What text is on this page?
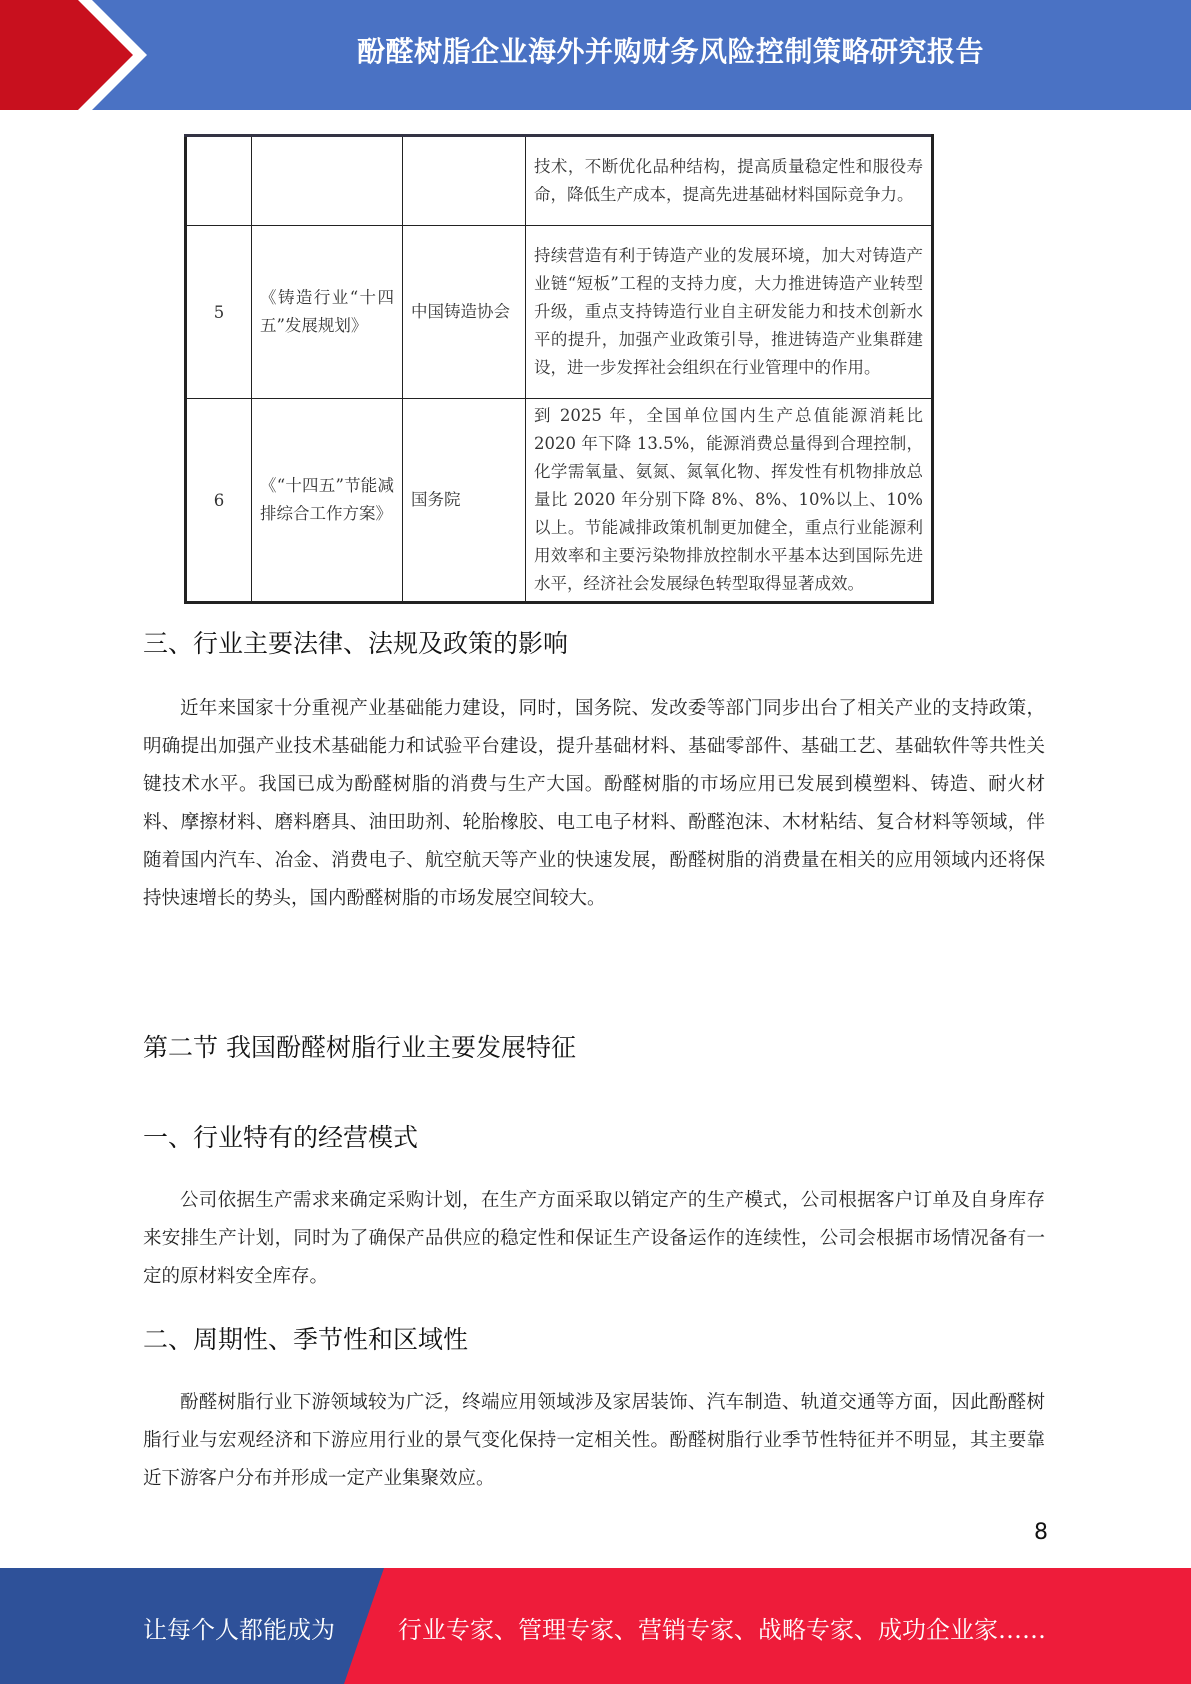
酚醛树脂企业海外并购财务风险控制策略研究报告
			技术，不断优化品种结构，提高质量稳定性和服役寿命，降低生产成本，提高先进基础材料国际竞争力。
5	《铸造行业“十四五”发展规划》	中国铸造协会	持续营造有利于铸造产业的发展环境，加大对铸造产业链“短板”工程的支持力度，大力推进铸造产业转型升级，重点支持铸造行业自主研发能力和技术创新水平的提升，加强产业政策引导，推进铸造产业集群建设，进一步发挥社会组织在行业管理中的作用。
6	《“十四五”节能减排综合工作方案》	国务院	到 2025 年，全国单位国内生产总值能源消耗比 2020 年下降 13.5%，能源消费总量得到合理控制，化学需氧量、氨氮、氮氧化物、挥发性有机物排放总量比 2020 年分别下降 8%、8%、10%以上、10%以上。节能减排政策机制更加健全，重点行业能源利用效率和主要污染物排放控制水平基本达到国际先进水平，经济社会发展绿色转型取得显著成效。
三、行业主要法律、法规及政策的影响

近年来国家十分重视产业基础能力建设，同时，国务院、发改委等部门同步出台了相关产业的支持政策，明确提出加强产业技术基础能力和试验平台建设，提升基础材料、基础零部件、基础工艺、基础软件等共性关键技术水平。我国已成为酚醛树脂的消费与生产大国。酚醛树脂的市场应用已发展到模塑料、铸造、耐火材料、摩擦材料、磨料磨具、油田助剂、轮胎橡胶、电工电子材料、酚醛泡沫、木材粘结、复合材料等领域，伴随着国内汽车、冶金、消费电子、航空航天等产业的快速发展，酚醛树脂的消费量在相关的应用领域内还将保持快速增长的势头，国内酚醛树脂的市场发展空间较大。

第二节 我国酚醛树脂行业主要发展特征
一、行业特有的经营模式

公司依据生产需求来确定采购计划，在生产方面采取以销定产的生产模式，公司根据客户订单及自身库存来安排生产计划，同时为了确保产品供应的稳定性和保证生产设备运作的连续性，公司会根据市场情况备有一定的原材料安全库存。

二、周期性、季节性和区域性

酚醛树脂行业下游领域较为广泛，终端应用领域涉及家居装饰、汽车制造、轨道交通等方面，因此酚醛树脂行业与宏观经济和下游应用行业的景气变化保持一定相关性。酚醛树脂行业季节性特征并不明显，其主要靠近下游客户分布并形成一定产业集聚效应。

8
让每个人都能成为	行业专家、管理专家、营销专家、战略专家、成功企业家……
